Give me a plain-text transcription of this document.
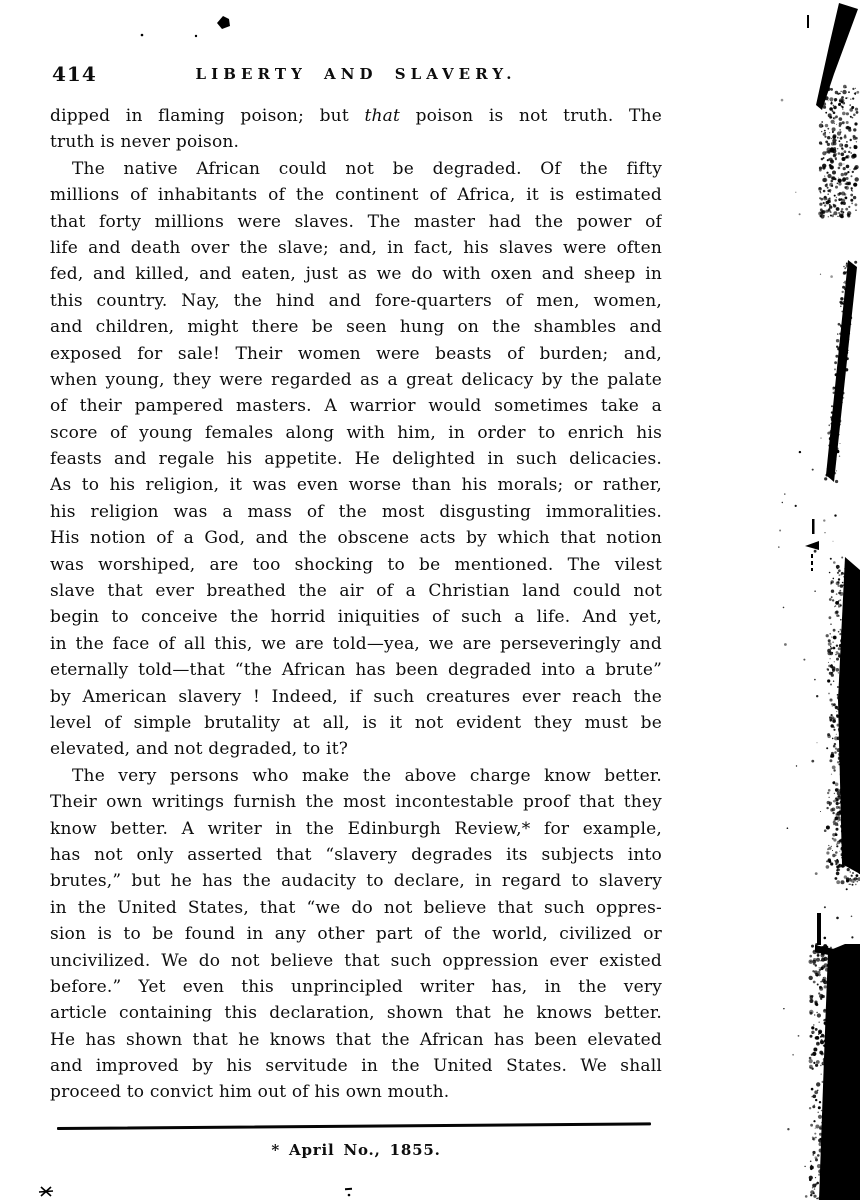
414	LIBERTY AND SLAVERY.
dipped in flaming poison; but that poison is not truth. The
truth is never poison.
The native African could not be degraded. Of the fifty
millions of inhabitants of the continent of Africa, it is estimated
that forty millions were slaves. The master had the power of
life and death over the slave; and, in fact, his slaves were often
fed, and killed, and eaten, just as we do with oxen and sheep in
this country. Nay, the hind and fore-quarters of men, women,
and children, might there be seen hung on the shambles and
exposed for sale! Their women were beasts of burden; and,
when young, they were regarded as a great delicacy by the palate
of their pampered masters. A warrior would sometimes take a
score of young females along with him, in order to enrich his
feasts and regale his appetite. He delighted in such delicacies.
As to his religion, it was even worse than his morals; or rather,
his religion was a mass of the most disgusting immoralities.
His notion of a God, and the obscene acts by which that notion
was worshiped, are too shocking to be mentioned. The vilest
slave that ever breathed the air of a Christian land could not
begin to conceive the horrid iniquities of such a life. And yet,
in the face of all this, we are told—yea, we are perseveringly and
eternally told—that “the African has been degraded into a brute”
by American slavery ! Indeed, if such creatures ever reach the
level of simple brutality at all, is it not evident they must be
elevated, and not degraded, to it?
The very persons who make the above charge know better.
Their own writings furnish the most incontestable proof that they
know better. A writer in the Edinburgh Review,* for example,
has not only asserted that “slavery degrades its subjects into
brutes,” but he has the audacity to declare, in regard to slavery
in the United States, that “we do not believe that such oppres-
sion is to be found in any other part of the world, civilized or
uncivilized. We do not believe that such oppression ever existed
before.” Yet even this unprincipled writer has, in the very
article containing this declaration, shown that he knows better.
He has shown that he knows that the African has been elevated
and improved by his servitude in the United States. We shall
proceed to convict him out of his own mouth.
* April No., 1855.
